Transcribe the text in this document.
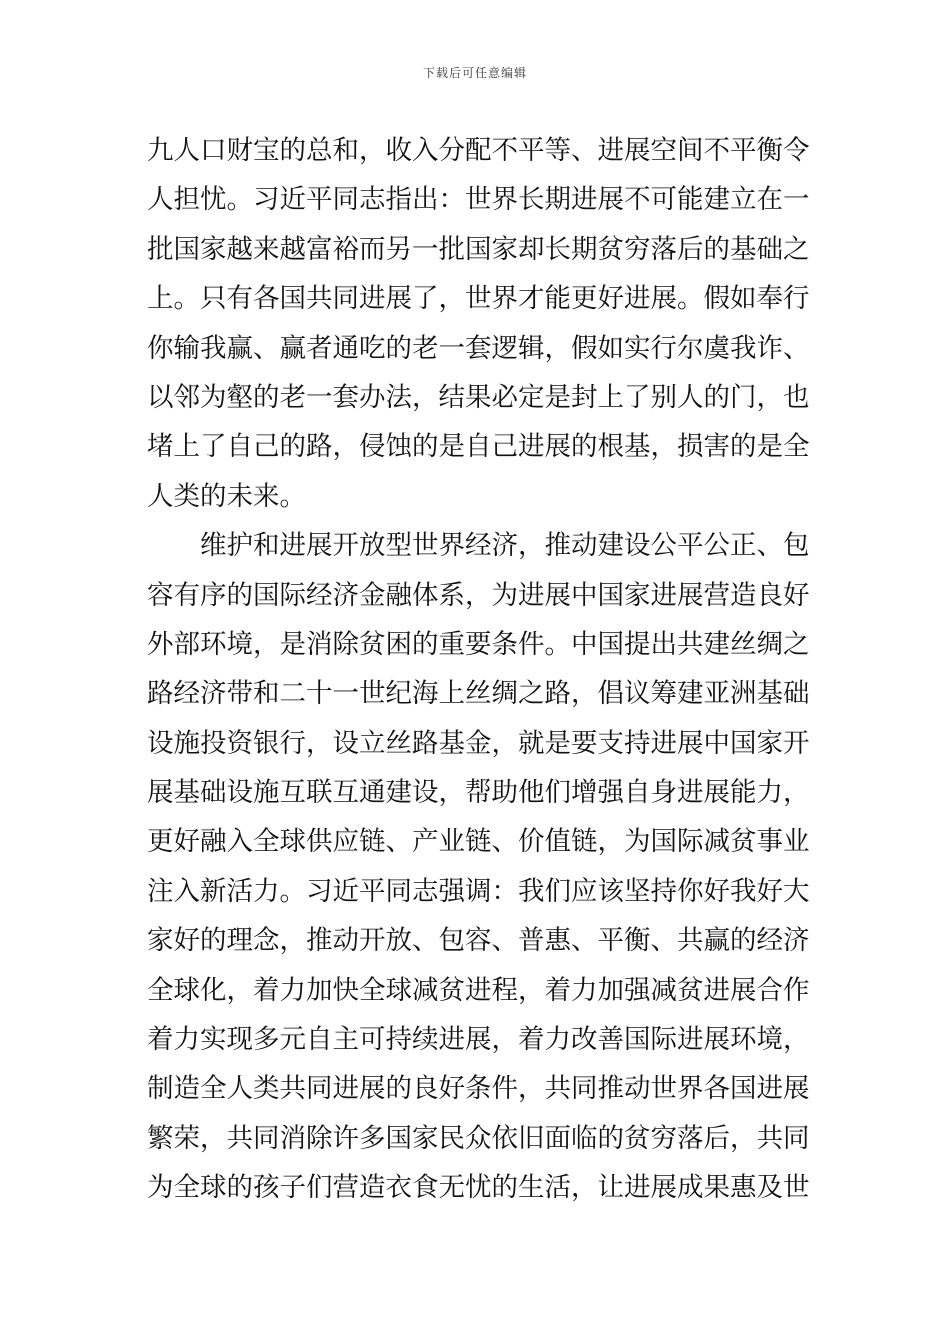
下载后可任意编辑
九人口财宝的总和，收入分配不平等、进展空间不平衡令
人担忧。习近平同志指出：世界长期进展不可能建立在一
批国家越来越富裕而另一批国家却长期贫穷落后的基础之
上。只有各国共同进展了，世界才能更好进展。假如奉行
你输我赢、赢者通吃的老一套逻辑，假如实行尔虞我诈、
以邻为壑的老一套办法，结果必定是封上了别人的门，也
堵上了自己的路，侵蚀的是自己进展的根基，损害的是全
人类的未来。
维护和进展开放型世界经济，推动建设公平公正、包
容有序的国际经济金融体系，为进展中国家进展营造良好
外部环境，是消除贫困的重要条件。中国提出共建丝绸之
路经济带和二十一世纪海上丝绸之路，倡议筹建亚洲基础
设施投资银行，设立丝路基金，就是要支持进展中国家开
展基础设施互联互通建设，帮助他们增强自身进展能力，
更好融入全球供应链、产业链、价值链，为国际减贫事业
注入新活力。习近平同志强调：我们应该坚持你好我好大
家好的理念，推动开放、包容、普惠、平衡、共赢的经济
全球化，着力加快全球减贫进程，着力加强减贫进展合作
着力实现多元自主可持续进展，着力改善国际进展环境，
制造全人类共同进展的良好条件，共同推动世界各国进展
繁荣，共同消除许多国家民众依旧面临的贫穷落后，共同
为全球的孩子们营造衣食无忧的生活，让进展成果惠及世
